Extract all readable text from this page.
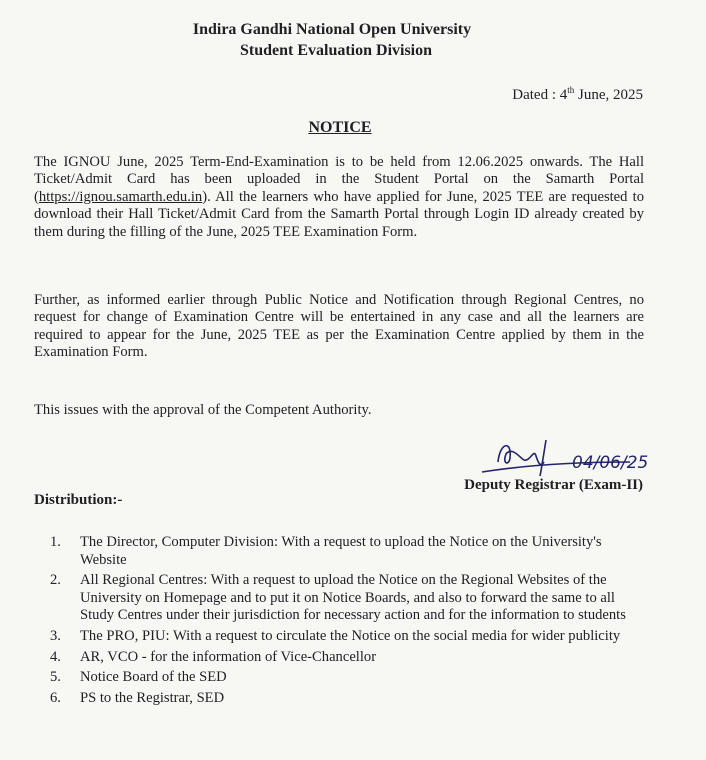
Indira Gandhi National Open University
Student Evaluation Division
Dated : 4th June, 2025
NOTICE
The IGNOU June, 2025 Term-End-Examination is to be held from 12.06.2025 onwards. The Hall Ticket/Admit Card has been uploaded in the Student Portal on the Samarth Portal (https://ignou.samarth.edu.in). All the learners who have applied for June, 2025 TEE are requested to download their Hall Ticket/Admit Card from the Samarth Portal through Login ID already created by them during the filling of the June, 2025 TEE Examination Form.
Further, as informed earlier through Public Notice and Notification through Regional Centres, no request for change of Examination Centre will be entertained in any case and all the learners are required to appear for the June, 2025 TEE as per the Examination Centre applied by them in the Examination Form.
This issues with the approval of the Competent Authority.
04/06/25
Deputy Registrar (Exam-II)
Distribution:-
1. The Director, Computer Division: With a request to upload the Notice on the University's Website
2. All Regional Centres: With a request to upload the Notice on the Regional Websites of the University on Homepage and to put it on Notice Boards, and also to forward the same to all Study Centres under their jurisdiction for necessary action and for the information to students
3. The PRO, PIU: With a request to circulate the Notice on the social media for wider publicity
4. AR, VCO - for the information of Vice-Chancellor
5. Notice Board of the SED
6. PS to the Registrar, SED
